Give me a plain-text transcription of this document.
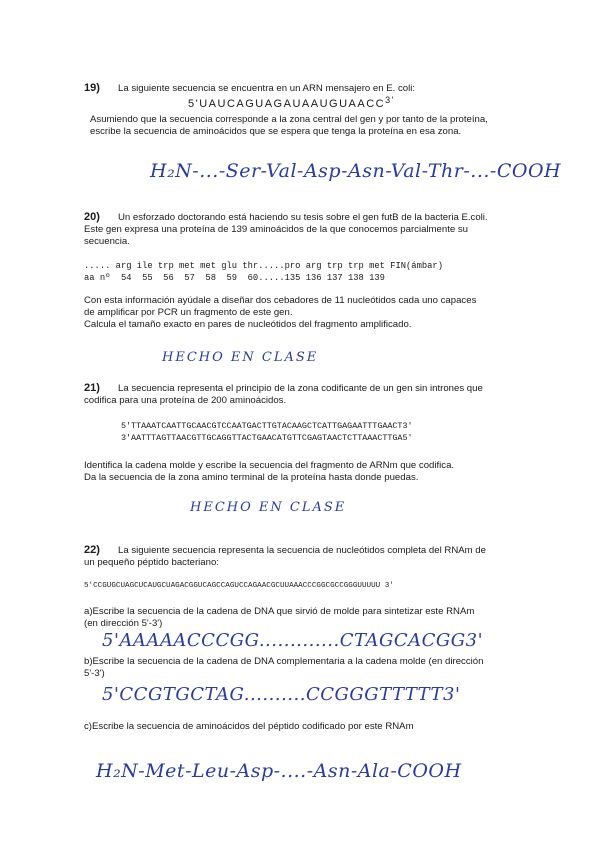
19) La siguiente secuencia se encuentra en un ARN mensajero en E. coli:
$5'UAUCAGUAGAUAAUGUAACC^{3'}$
Asumiendo que la secuencia corresponde a la zona central del gen y por tanto de la proteína,
escribe la secuencia de aminoácidos que se espera que tenga la proteína en esa zona.
H₂N-...-Ser-Val-Asp-Asn-Val-Thr-...-COOH
20) Un esforzado doctorando está haciendo su tesis sobre el gen futB de la bacteria E.coli.
Este gen expresa una proteína de 139 aminoácidos de la que conocemos parcialmente su
secuencia.
..... arg ile trp met met glu thr.....pro arg trp trp met FIN(ámbar)
aa nº  54  55  56  57  58  59  60.....135 136 137 138 139
Con esta información ayúdale a diseñar dos cebadores de 11 nucleótidos cada uno capaces
de amplificar por PCR un fragmento de este gen.
Calcula el tamaño exacto en pares de nucleótidos del fragmento amplificado.
HECHO EN CLASE
21) La secuencia representa el principio de la zona codificante de un gen sin intrones que
codifica para una proteína de 200 aminoácidos.
5'TTAAATCAATTGCAACGTCCAATGACTTGTACAAGCTCATTGAGAATTTGAACT3'
3'AATTTAGTTAACGTTGCAGGTTACTGAACATGTTCGAGTAACTCTTAAACTTGA5'
Identifica la cadena molde y escribe la secuencia del fragmento de ARNm que codifica.
Da la secuencia de la zona amino terminal de la proteína hasta donde puedas.
HECHO EN CLASE
22) La siguiente secuencia representa la secuencia de nucleótidos completa del RNAm de
un pequeño péptido bacteriano:
5'CCGUGCUAGCUCAUGCUAGACGGUCAGCCAGUCCAGAACGCUUAAACCCGGCGCCGGGUUUUU 3'
a)Escribe la secuencia de la cadena de DNA que sirvió de molde para sintetizar este RNAm
(en dirección 5'-3')
5'AAAAACCCGG.............CTAGCACGG3'
b)Escribe la secuencia de la cadena de DNA complementaria a la cadena molde (en dirección
5'-3')
5'CCGTGCTAG..........CCGGGTTTTT3'
c)Escribe la secuencia de aminoácidos del péptido codificado por este RNAm
H₂N-Met-Leu-Asp-....-Asn-Ala-COOH
